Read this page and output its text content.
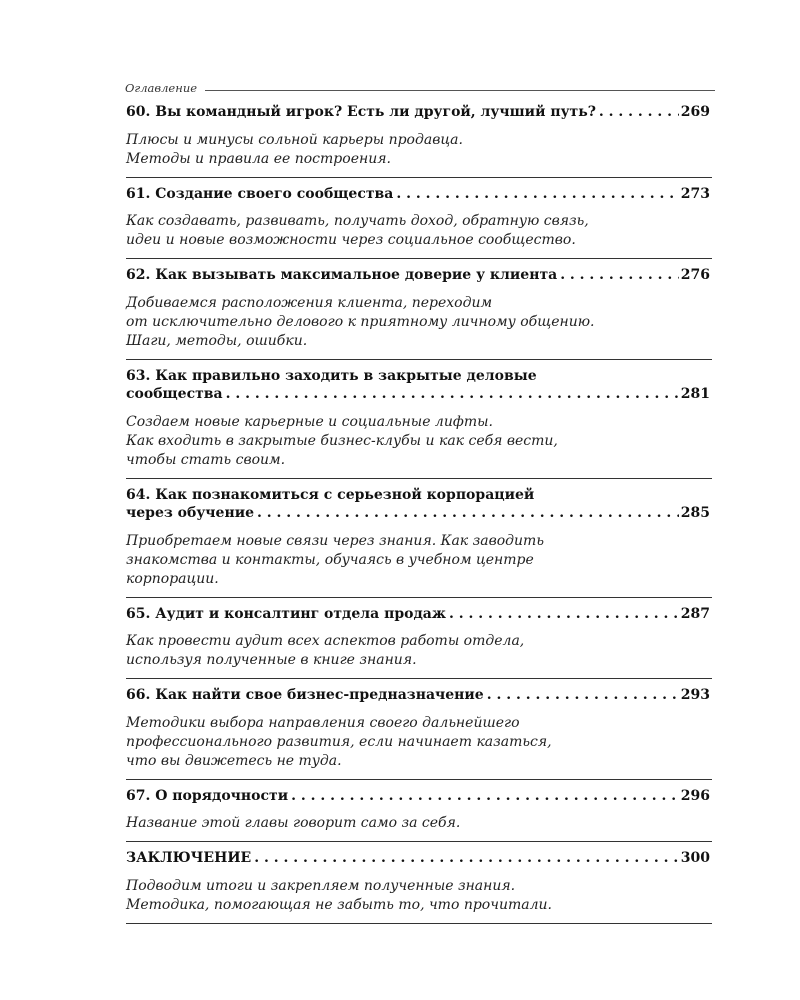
Оглавление
60. Вы командный игрок? Есть ли другой, лучший путь? . . .	269
Плюсы и минусы сольной карьеры продавца.
Методы и правила ее построения.
61. Создание своего сообщества . . .	273
Как создавать, развивать, получать доход, обратную связь,
идеи и новые возможности через социальное сообщество.
62. Как вызывать максимальное доверие у клиента . . .	276
Добиваемся расположения клиента, переходим
от исключительно делового к приятному личному общению.
Шаги, методы, ошибки.
63. Как правильно заходить в закрытые деловые
сообщества . . .	281
Создаем новые карьерные и социальные лифты.
Как входить в закрытые бизнес-клубы и как себя вести,
чтобы стать своим.
64. Как познакомиться с серьезной корпорацией
через обучение . . .	285
Приобретаем новые связи через знания. Как заводить
знакомства и контакты, обучаясь в учебном центре
корпорации.
65. Аудит и консалтинг отдела продаж . . .	287
Как провести аудит всех аспектов работы отдела,
используя полученные в книге знания.
66. Как найти свое бизнес-предназначение . . .	293
Методики выбора направления своего дальнейшего
профессионального развития, если начинает казаться,
что вы движетесь не туда.
67. О порядочности . . .	296
Название этой главы говорит само за себя.
ЗАКЛЮЧЕНИЕ . . .	300
Подводим итоги и закрепляем полученные знания.
Методика, помогающая не забыть то, что прочитали.
